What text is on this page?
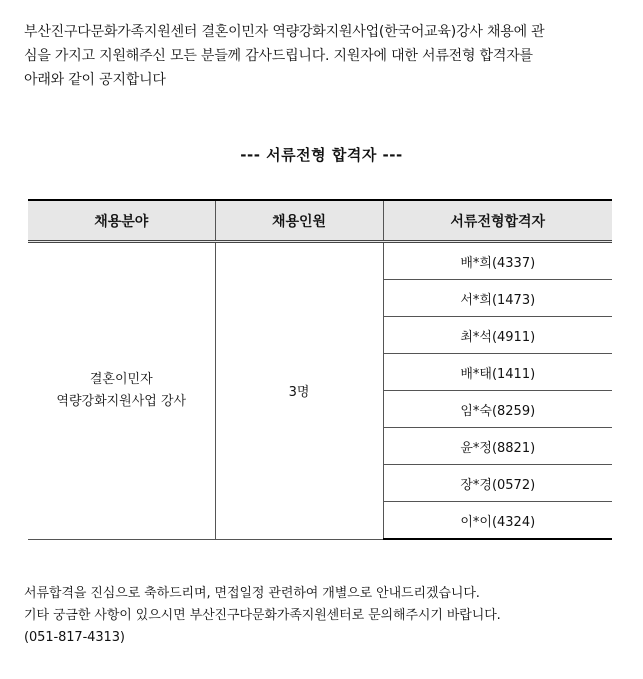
부산진구다문화가족지원센터 결혼이민자 역량강화지원사업(한국어교육)강사 채용에 관

심을 가지고 지원해주신 모든 분들께 감사드립니다. 지원자에 대한 서류전형 합격자를

아래와 같이 공지합니다

--- 서류전형 합격자 ---
채용분야	채용인원	서류전형합격자

결혼이민자
역량강화지원사업 강사	3명	배*희(4337)
		서*희(1473)
		최*석(4911)
		배*태(1411)
		임*숙(8259)
		윤*정(8821)
		장*경(0572)
		이*이(4324)

서류합격을 진심으로 축하드리며, 면접일정 관련하여 개별으로 안내드리겠습니다.

기타 궁금한 사항이 있으시면 부산진구다문화가족지원센터로 문의해주시기 바랍니다.

(051-817-4313)
